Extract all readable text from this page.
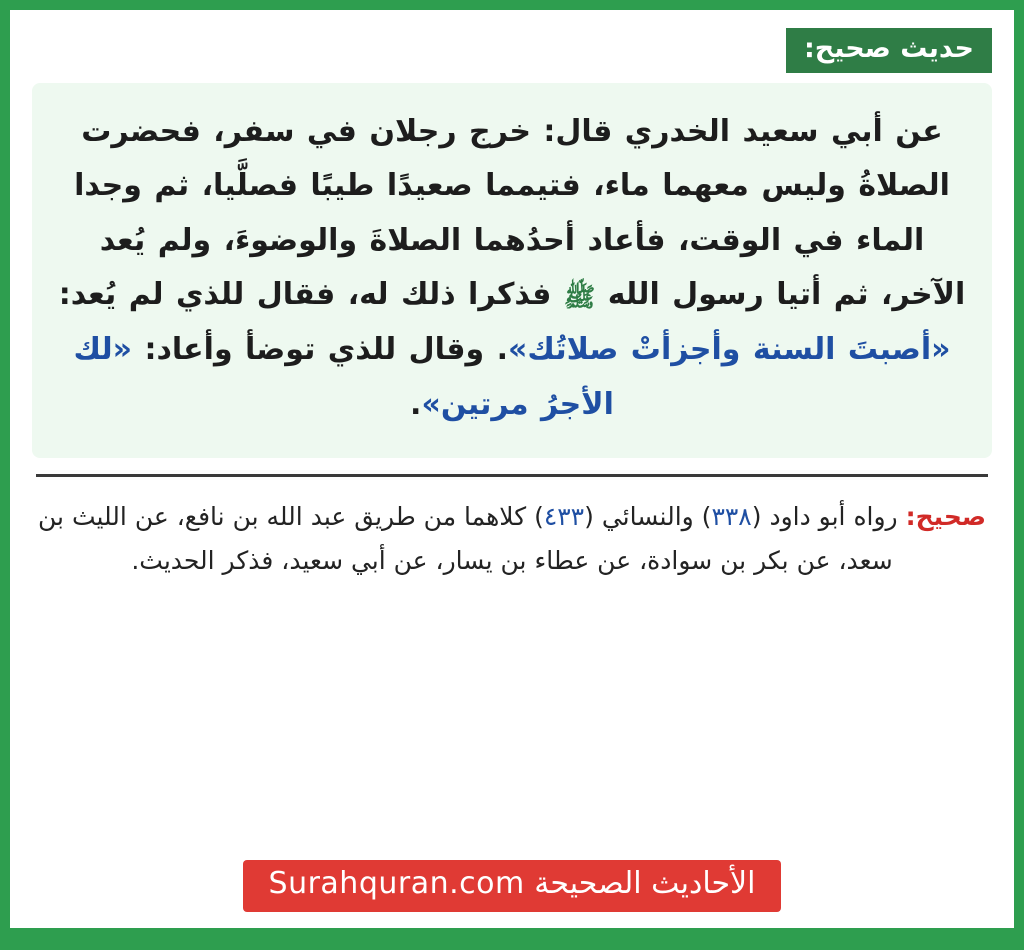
حديث صحيح:
عن أبي سعيد الخدري قال: خرج رجلان في سفر، فحضرت الصلاةُ وليس معهما ماء، فتيمما صعيدًا طيبًا فصلَّيا، ثم وجدا الماء في الوقت، فأعاد أحدُهما الصلاةَ والوضوءَ، ولم يُعد الآخر، ثم أتيا رسول الله ﷺ فذكرا ذلك له، فقال للذي لم يُعد: «أصبتَ السنة وأجزأتْ صلاتُك». وقال للذي توضأ وأعاد: «لك الأجرُ مرتين».
صحيح: رواه أبو داود (٣٣٨) والنسائي (٤٣٣) كلاهما من طريق عبد الله بن نافع، عن الليث بن سعد، عن بكر بن سوادة، عن عطاء بن يسار، عن أبي سعيد، فذكر الحديث.
الأحاديث الصحيحة Surahquran.com
